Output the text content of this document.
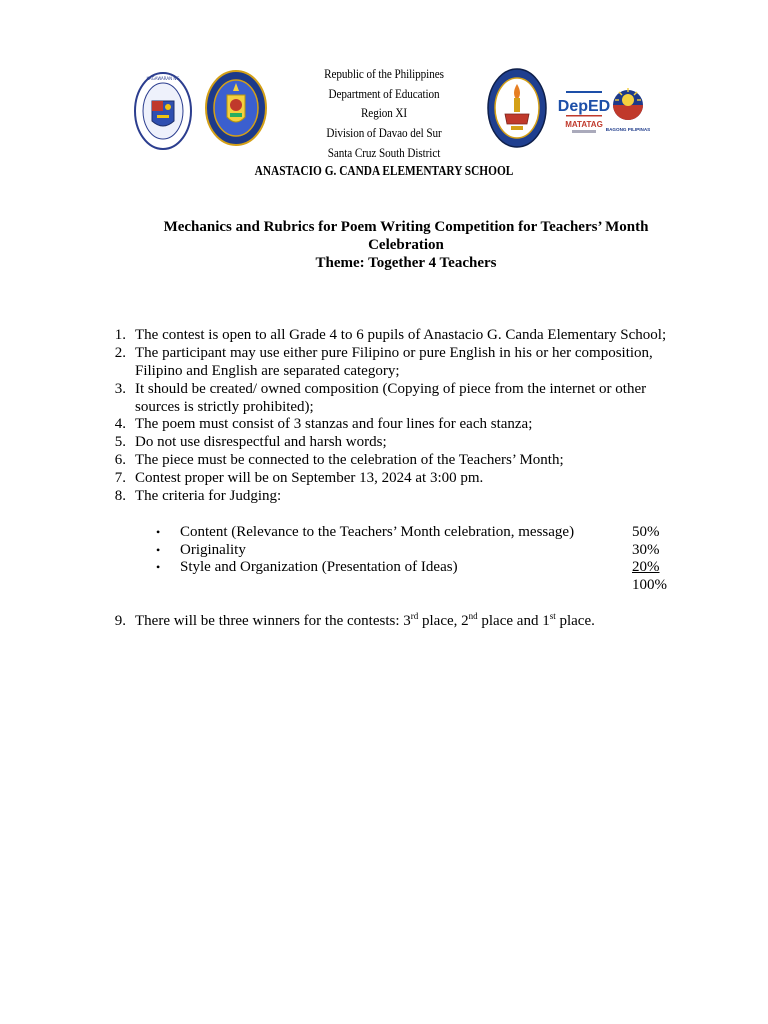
KAGAWARAN NG
DepED
MATATAG
BAGONG PILIPINAS
Republic of the Philippines
Department of Education
Region XI
Division of Davao del Sur
Santa Cruz South District
ANASTACIO G. CANDA ELEMENTARY SCHOOL
Mechanics and Rubrics for Poem Writing Competition for Teachers’ Month
Celebration
Theme: Together 4 Teachers
1. The contest is open to all Grade 4 to 6 pupils of Anastacio G. Canda Elementary School;
2. The participant may use either pure Filipino or pure English in his or her composition,
Filipino and English are separated category;
3. It should be created/ owned composition (Copying of piece from the internet or other
sources is strictly prohibited);
4. The poem must consist of 3 stanzas and four lines for each stanza;
5. Do not use disrespectful and harsh words;
6. The piece must be connected to the celebration of the Teachers’ Month;
7. Contest proper will be on September 13, 2024 at 3:00 pm.
8. The criteria for Judging:
• Content (Relevance to the Teachers’ Month celebration, message)	50%
• Originality	30%
• Style and Organization (Presentation of Ideas)	20%
100%
9. There will be three winners for the contests: 3rd place, 2nd place and 1st place.
